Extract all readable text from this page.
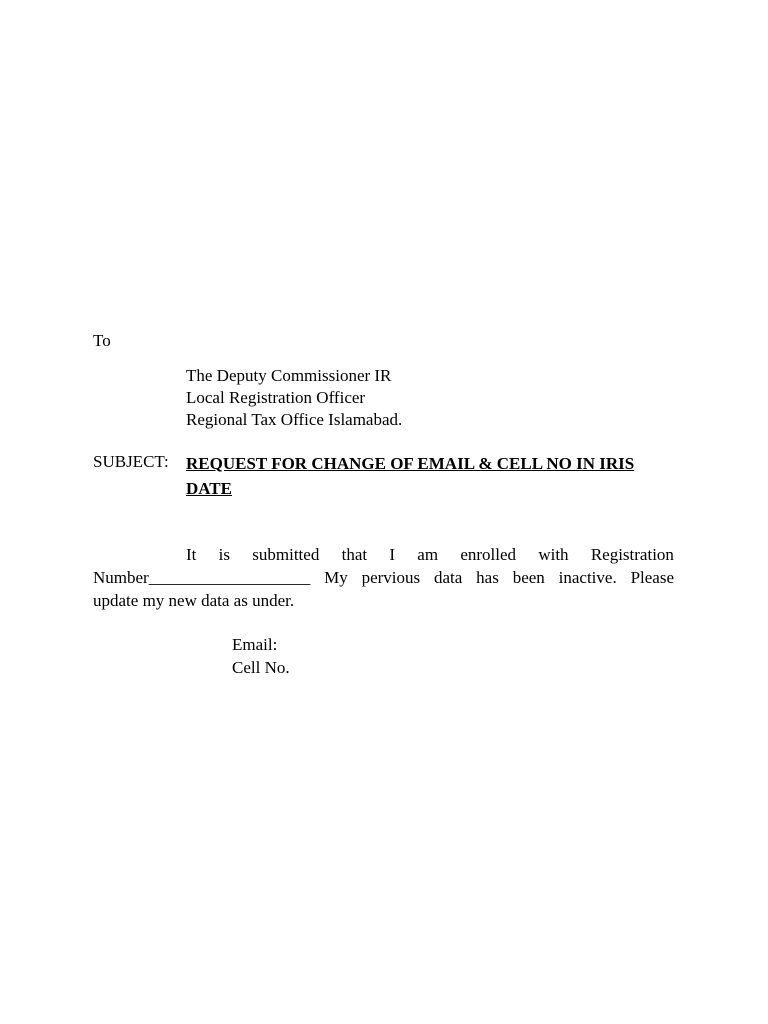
To
The Deputy Commissioner IR
Local Registration Officer
Regional Tax Office Islamabad.
SUBJECT: REQUEST FOR CHANGE OF EMAIL & CELL NO IN IRIS
DATE
It is submitted that I am enrolled with Registration
Number___________________ My pervious data has been inactive. Please
update my new data as under.
Email:
Cell No.
